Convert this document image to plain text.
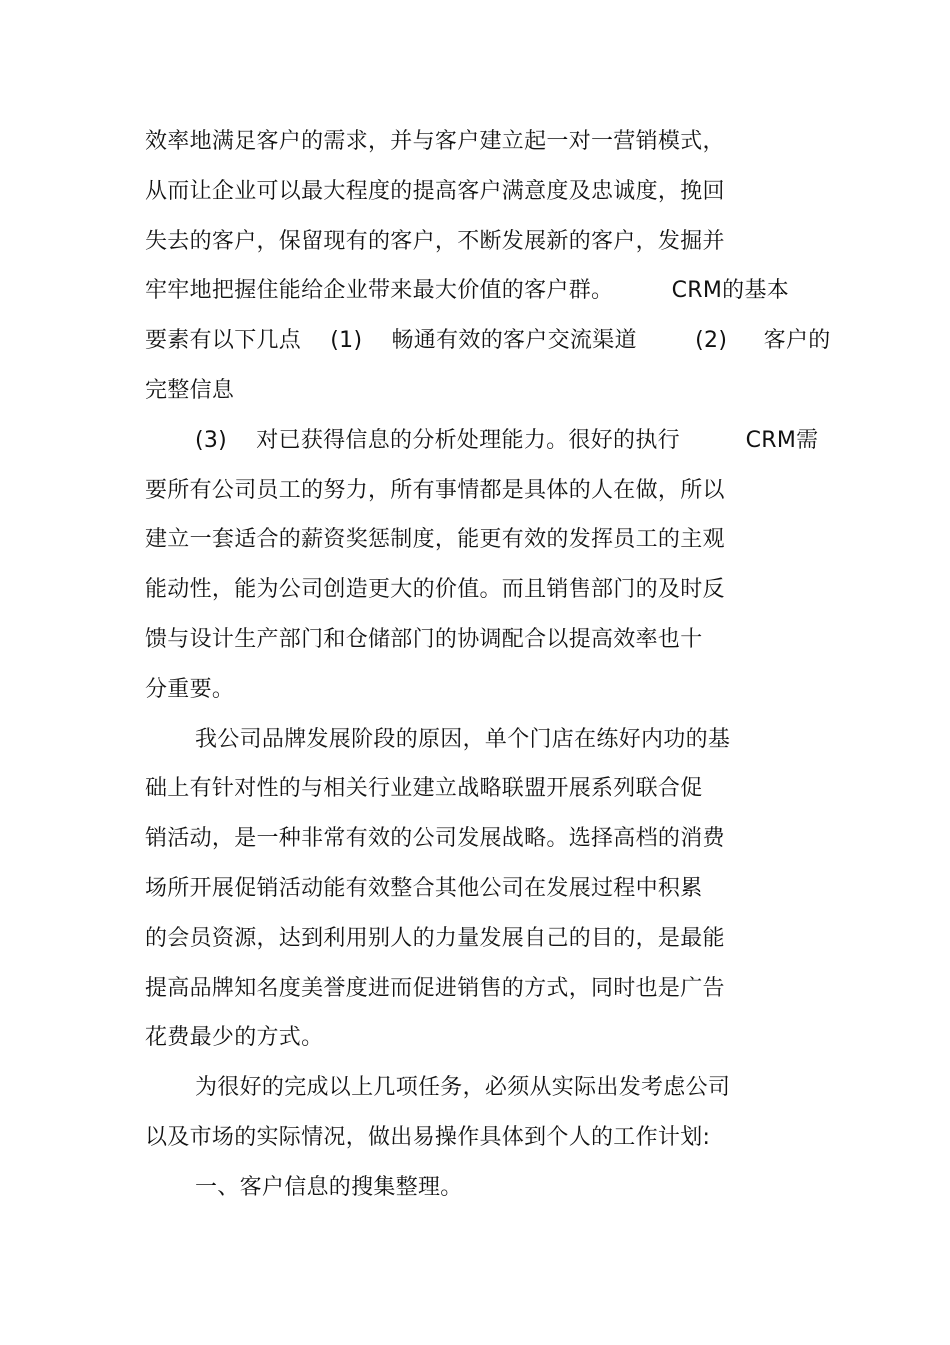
效率地满足客户的需求，并与客户建立起一对一营销模式，
从而让企业可以最大程度的提高客户满意度及忠诚度，挽回
失去的客户，保留现有的客户，不断发展新的客户，发掘并
牢牢地把握住能给企业带来最大价值的客户群。        CRM的基本
要素有以下几点    (1)    畅通有效的客户交流渠道        (2)     客户的
完整信息
(3)    对已获得信息的分析处理能力。很好的执行         CRM需
要所有公司员工的努力，所有事情都是具体的人在做，所以
建立一套适合的薪资奖惩制度，能更有效的发挥员工的主观
能动性，能为公司创造更大的价值。而且销售部门的及时反
馈与设计生产部门和仓储部门的协调配合以提高效率也十
分重要。
我公司品牌发展阶段的原因，单个门店在练好内功的基
础上有针对性的与相关行业建立战略联盟开展系列联合促
销活动，是一种非常有效的公司发展战略。选择高档的消费
场所开展促销活动能有效整合其他公司在发展过程中积累
的会员资源，达到利用别人的力量发展自己的目的，是最能
提高品牌知名度美誉度进而促进销售的方式，同时也是广告
花费最少的方式。
为很好的完成以上几项任务，必须从实际出发考虑公司
以及市场的实际情况，做出易操作具体到个人的工作计划:
一、客户信息的搜集整理。
